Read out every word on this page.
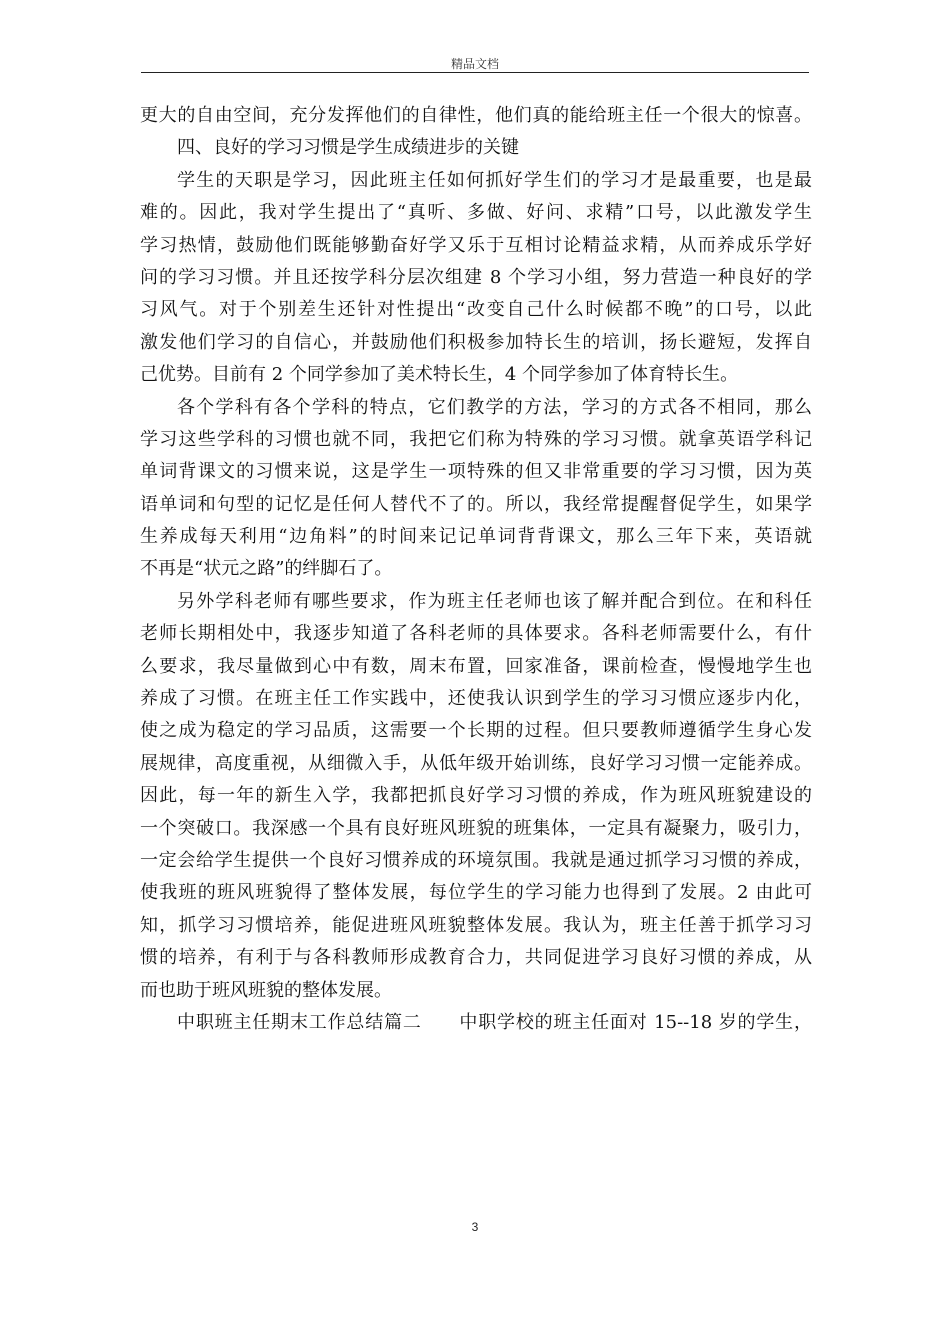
精品文档
更大的自由空间，充分发挥他们的自律性，他们真的能给班主任一个很大的惊喜。
四、良好的学习习惯是学生成绩进步的关键
学生的天职是学习，因此班主任如何抓好学生们的学习才是最重要，也是最
难的。因此，我对学生提出了“真听、多做、好问、求精”口号，以此激发学生
学习热情，鼓励他们既能够勤奋好学又乐于互相讨论精益求精，从而养成乐学好
问的学习习惯。并且还按学科分层次组建 8 个学习小组，努力营造一种良好的学
习风气。对于个别差生还针对性提出“改变自己什么时候都不晚”的口号，以此
激发他们学习的自信心，并鼓励他们积极参加特长生的培训，扬长避短，发挥自
己优势。目前有 2 个同学参加了美术特长生，4 个同学参加了体育特长生。
各个学科有各个学科的特点，它们教学的方法，学习的方式各不相同，那么
学习这些学科的习惯也就不同，我把它们称为特殊的学习习惯。就拿英语学科记
单词背课文的习惯来说，这是学生一项特殊的但又非常重要的学习习惯，因为英
语单词和句型的记忆是任何人替代不了的。所以，我经常提醒督促学生，如果学
生养成每天利用“边角料”的时间来记记单词背背课文，那么三年下来，英语就
不再是“状元之路”的绊脚石了。
另外学科老师有哪些要求，作为班主任老师也该了解并配合到位。在和科任
老师长期相处中，我逐步知道了各科老师的具体要求。各科老师需要什么，有什
么要求，我尽量做到心中有数，周末布置，回家准备，课前检查，慢慢地学生也
养成了习惯。在班主任工作实践中，还使我认识到学生的学习习惯应逐步内化，
使之成为稳定的学习品质，这需要一个长期的过程。但只要教师遵循学生身心发
展规律，高度重视，从细微入手，从低年级开始训练，良好学习习惯一定能养成。
因此，每一年的新生入学，我都把抓良好学习习惯的养成，作为班风班貌建设的
一个突破口。我深感一个具有良好班风班貌的班集体，一定具有凝聚力，吸引力，
一定会给学生提供一个良好习惯养成的环境氛围。我就是通过抓学习习惯的养成，
使我班的班风班貌得了整体发展，每位学生的学习能力也得到了发展。2 由此可
知，抓学习习惯培养，能促进班风班貌整体发展。我认为，班主任善于抓学习习
惯的培养，有利于与各科教师形成教育合力，共同促进学习良好习惯的养成，从
而也助于班风班貌的整体发展。
中职班主任期末工作总结篇二　　中职学校的班主任面对 15--18 岁的学生，
3
